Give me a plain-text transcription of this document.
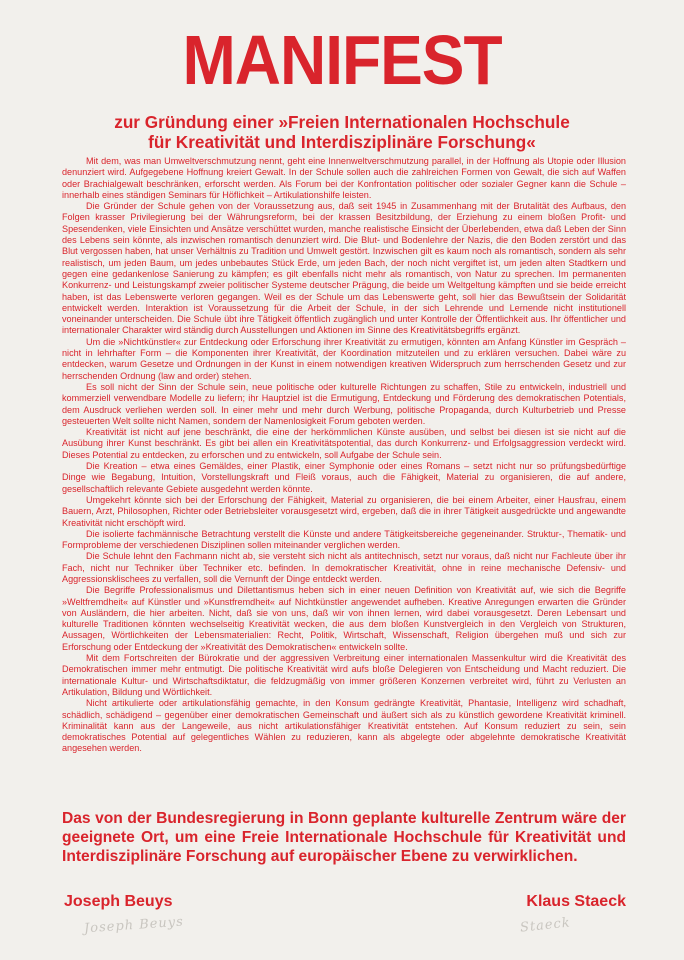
MANIFEST
zur Gründung einer »Freien Internationalen Hochschule
für Kreativität und Interdisziplinäre Forschung«

Mit dem, was man Umweltverschmutzung nennt, geht eine Innenweltverschmutzung parallel, in der Hoffnung als Utopie oder Illusion denunziert wird. Aufgegebene Hoffnung kreiert Gewalt. In der Schule sollen auch die zahlreichen Formen von Gewalt, die sich auf Waffen oder Brachialgewalt beschränken, erforscht werden. Als Forum bei der Konfrontation politischer oder sozialer Gegner kann die Schule – innerhalb eines ständigen Seminars für Höflichkeit – Artikulationshilfe leisten.

Die Gründer der Schule gehen von der Voraussetzung aus, daß seit 1945 in Zusammenhang mit der Brutalität des Aufbaus, den Folgen krasser Privilegierung bei der Währungsreform, bei der krassen Besitzbildung, der Erziehung zu einem bloßen Profit- und Spesendenken, viele Einsichten und Ansätze verschüttet wurden, manche realistische Einsicht der Überlebenden, etwa daß Leben der Sinn des Lebens sein könnte, als inzwischen romantisch denunziert wird. Die Blut- und Bodenlehre der Nazis, die den Boden zerstört und das Blut vergossen haben, hat unser Verhältnis zu Tradition und Umwelt gestört. Inzwischen gilt es kaum noch als romantisch, sondern als sehr realistisch, um jeden Baum, um jedes unbebautes Stück Erde, um jeden Bach, der noch nicht vergiftet ist, um jeden alten Stadtkern und gegen eine gedankenlose Sanierung zu kämpfen; es gilt ebenfalls nicht mehr als romantisch, von Natur zu sprechen. Im permanenten Konkurrenz- und Leistungskampf zweier politischer Systeme deutscher Prägung, die beide um Weltgeltung kämpften und sie beide erreicht haben, ist das Lebenswerte verloren gegangen. Weil es der Schule um das Lebenswerte geht, soll hier das Bewußtsein der Solidarität entwickelt werden. Interaktion ist Voraussetzung für die Arbeit der Schule, in der sich Lehrende und Lernende nicht institutionell voneinander unterscheiden. Die Schule übt ihre Tätigkeit öffentlich zugänglich und unter Kontrolle der Öffentlichkeit aus. Ihr öffentlicher und internationaler Charakter wird ständig durch Ausstellungen und Aktionen im Sinne des Kreativitätsbegriffs ergänzt.

Um die »Nichtkünstler« zur Entdeckung oder Erforschung ihrer Kreativität zu ermutigen, könnten am Anfang Künstler im Gespräch – nicht in lehrhafter Form – die Komponenten ihrer Kreativität, der Koordination mitzuteilen und zu erklären versuchen. Dabei wäre zu entdecken, warum Gesetze und Ordnungen in der Kunst in einem notwendigen kreativen Widerspruch zum herrschenden Gesetz und zur herrschenden Ordnung (law and order) stehen.

Es soll nicht der Sinn der Schule sein, neue politische oder kulturelle Richtungen zu schaffen, Stile zu entwickeln, industriell und kommerziell verwendbare Modelle zu liefern; ihr Hauptziel ist die Ermutigung, Entdeckung und Förderung des demokratischen Potentials, dem Ausdruck verliehen werden soll. In einer mehr und mehr durch Werbung, politische Propaganda, durch Kulturbetrieb und Presse gesteuerten Welt sollte nicht Namen, sondern der Namenlosigkeit Forum geboten werden.

Kreativität ist nicht auf jene beschränkt, die eine der herkömmlichen Künste ausüben, und selbst bei diesen ist sie nicht auf die Ausübung ihrer Kunst beschränkt. Es gibt bei allen ein Kreativitätspotential, das durch Konkurrenz- und Erfolgsaggression verdeckt wird. Dieses Potential zu entdecken, zu erforschen und zu entwickeln, soll Aufgabe der Schule sein.

Die Kreation – etwa eines Gemäldes, einer Plastik, einer Symphonie oder eines Romans – setzt nicht nur so prüfungsbedürftige Dinge wie Begabung, Intuition, Vorstellungskraft und Fleiß voraus, auch die Fähigkeit, Material zu organisieren, die auf andere, gesellschaftlich relevante Gebiete ausgedehnt werden könnte.

Umgekehrt könnte sich bei der Erforschung der Fähigkeit, Material zu organisieren, die bei einem Arbeiter, einer Hausfrau, einem Bauern, Arzt, Philosophen, Richter oder Betriebsleiter vorausgesetzt wird, ergeben, daß die in ihrer Tätigkeit ausgedrückte und angewandte Kreativität nicht erschöpft wird.

Die isolierte fachmännische Betrachtung verstellt die Künste und andere Tätigkeitsbereiche gegeneinander. Struktur-, Thematik- und Formprobleme der verschiedenen Disziplinen sollen miteinander verglichen werden.

Die Schule lehnt den Fachmann nicht ab, sie versteht sich nicht als antitechnisch, setzt nur voraus, daß nicht nur Fachleute über ihr Fach, nicht nur Techniker über Techniker etc. befinden. In demokratischer Kreativität, ohne in reine mechanische Defensiv- und Aggressionsklischees zu verfallen, soll die Vernunft der Dinge entdeckt werden.

Die Begriffe Professionalismus und Dilettantismus heben sich in einer neuen Definition von Kreativität auf, wie sich die Begriffe »Weltfremdheit« auf Künstler und »Kunstfremdheit« auf Nichtkünstler angewendet aufheben. Kreative Anregungen erwarten die Gründer von Ausländern, die hier arbeiten. Nicht, daß sie von uns, daß wir von ihnen lernen, wird dabei vorausgesetzt. Deren Lebensart und kulturelle Traditionen könnten wechselseitig Kreativität wecken, die aus dem bloßen Kunstvergleich in den Vergleich von Strukturen, Aussagen, Wörtlichkeiten der Lebensmaterialien: Recht, Politik, Wirtschaft, Wissenschaft, Religion übergehen muß und sich zur Erforschung oder Entdeckung der »Kreativität des Demokratischen« entwickeln sollte.

Mit dem Fortschreiten der Bürokratie und der aggressiven Verbreitung einer internationalen Massenkultur wird die Kreativität des Demokratischen immer mehr entmutigt. Die politische Kreativität wird aufs bloße Delegieren von Entscheidung und Macht reduziert. Die internationale Kultur- und Wirtschaftsdiktatur, die feldzugmäßig von immer größeren Konzernen verbreitet wird, führt zu Verlusten an Artikulation, Bildung und Wörtlichkeit.

Nicht artikulierte oder artikulationsfähig gemachte, in den Konsum gedrängte Kreativität, Phantasie, Intelligenz wird schadhaft, schädlich, schädigend – gegenüber einer demokratischen Gemeinschaft und äußert sich als zu künstlich gewordene Kreativität kriminell. Kriminalität kann aus der Langeweile, aus nicht artikulationsfähiger Kreativität entstehen. Auf Konsum reduziert zu sein, sein demokratisches Potential auf gelegentliches Wählen zu reduzieren, kann als abgelegte oder abgelehnte demokratische Kreativität angesehen werden.

Das von der Bundesregierung in Bonn geplante kulturelle Zentrum wäre der geeignete Ort, um eine Freie Internationale Hochschule für Kreativität und Interdisziplinäre Forschung auf europäischer Ebene zu verwirklichen.

Joseph Beuys	Klaus Staeck

Joseph Beuys	Staeck
